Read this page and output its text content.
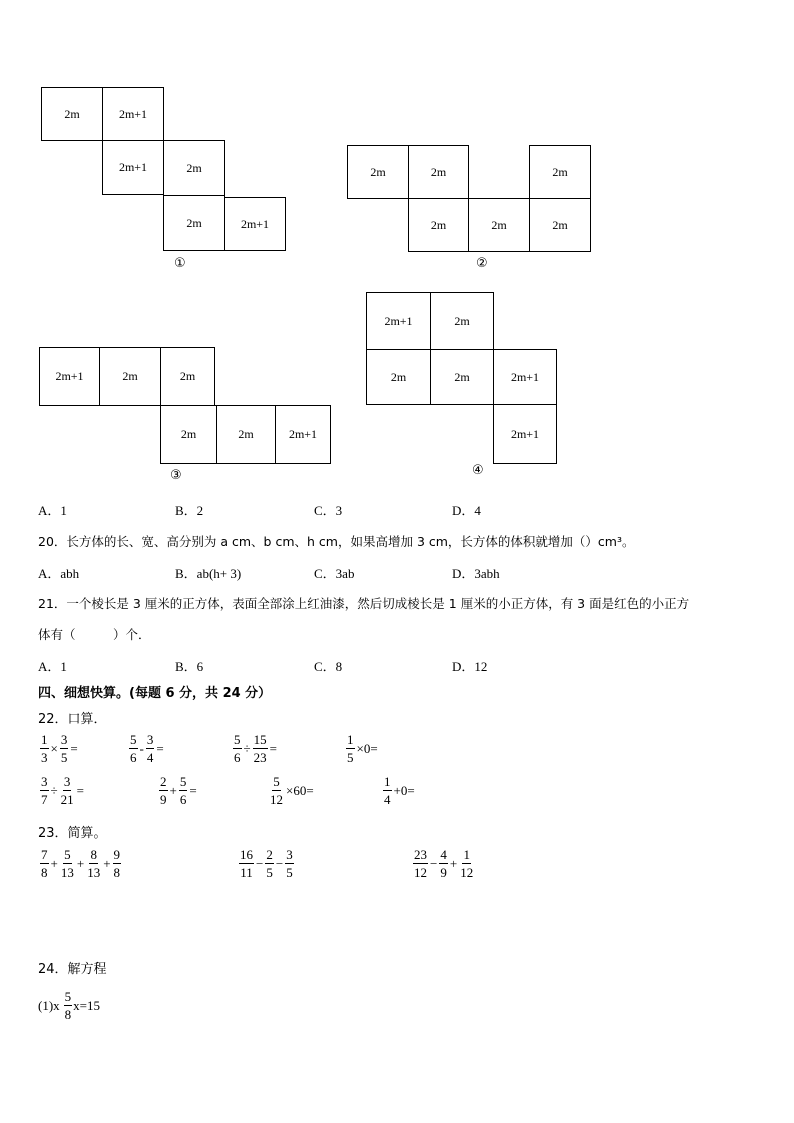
2m	2m+1
2m+1	2m
2m	2m+1
①
2m	2m	2m
2m	2m	2m
②
2m+1	2m	2m
2m	2m	2m+1
③
2m+1	2m
2m	2m	2m+1
2m+1
④
A．1	B．2	C．3	D．4
20．长方体的长、宽、高分别为 a cm、b cm、h cm，如果高增加 3 cm，长方体的体积就增加（）cm³。
A．abh	B．ab(h+ 3)	C．3ab	D．3abh
21．一个棱长是 3 厘米的正方体，表面全部涂上红油漆，然后切成棱长是 1 厘米的小正方体，有 3 面是红色的小正方
体有（　　　）个．
A．1	B．6	C．8	D．12
四、细想快算。(每题 6 分，共 24 分）
22．口算．
$\frac{1}{3} \times \frac{3}{5}$ =	$\frac{5}{6} - \frac{3}{4}$ =	$\frac{5}{6} \div \frac{15}{23}$ =	$\frac{1}{5} \times 0=$
$\frac{3}{7} \div \frac{3}{21}$ =	$\frac{2}{9} + \frac{5}{6}$ =	$\frac{5}{12} \times 60=$	$\frac{1}{4} +0=$
23．简算。
$\frac{7}{8} + \frac{5}{13} + \frac{8}{13} + \frac{9}{8}$	$\frac{16}{11} - \frac{2}{5} - \frac{3}{5}$	$\frac{23}{12} - \frac{4}{9} + \frac{1}{12}$
24．解方程
$(1)x \frac{5}{8} x=15$
